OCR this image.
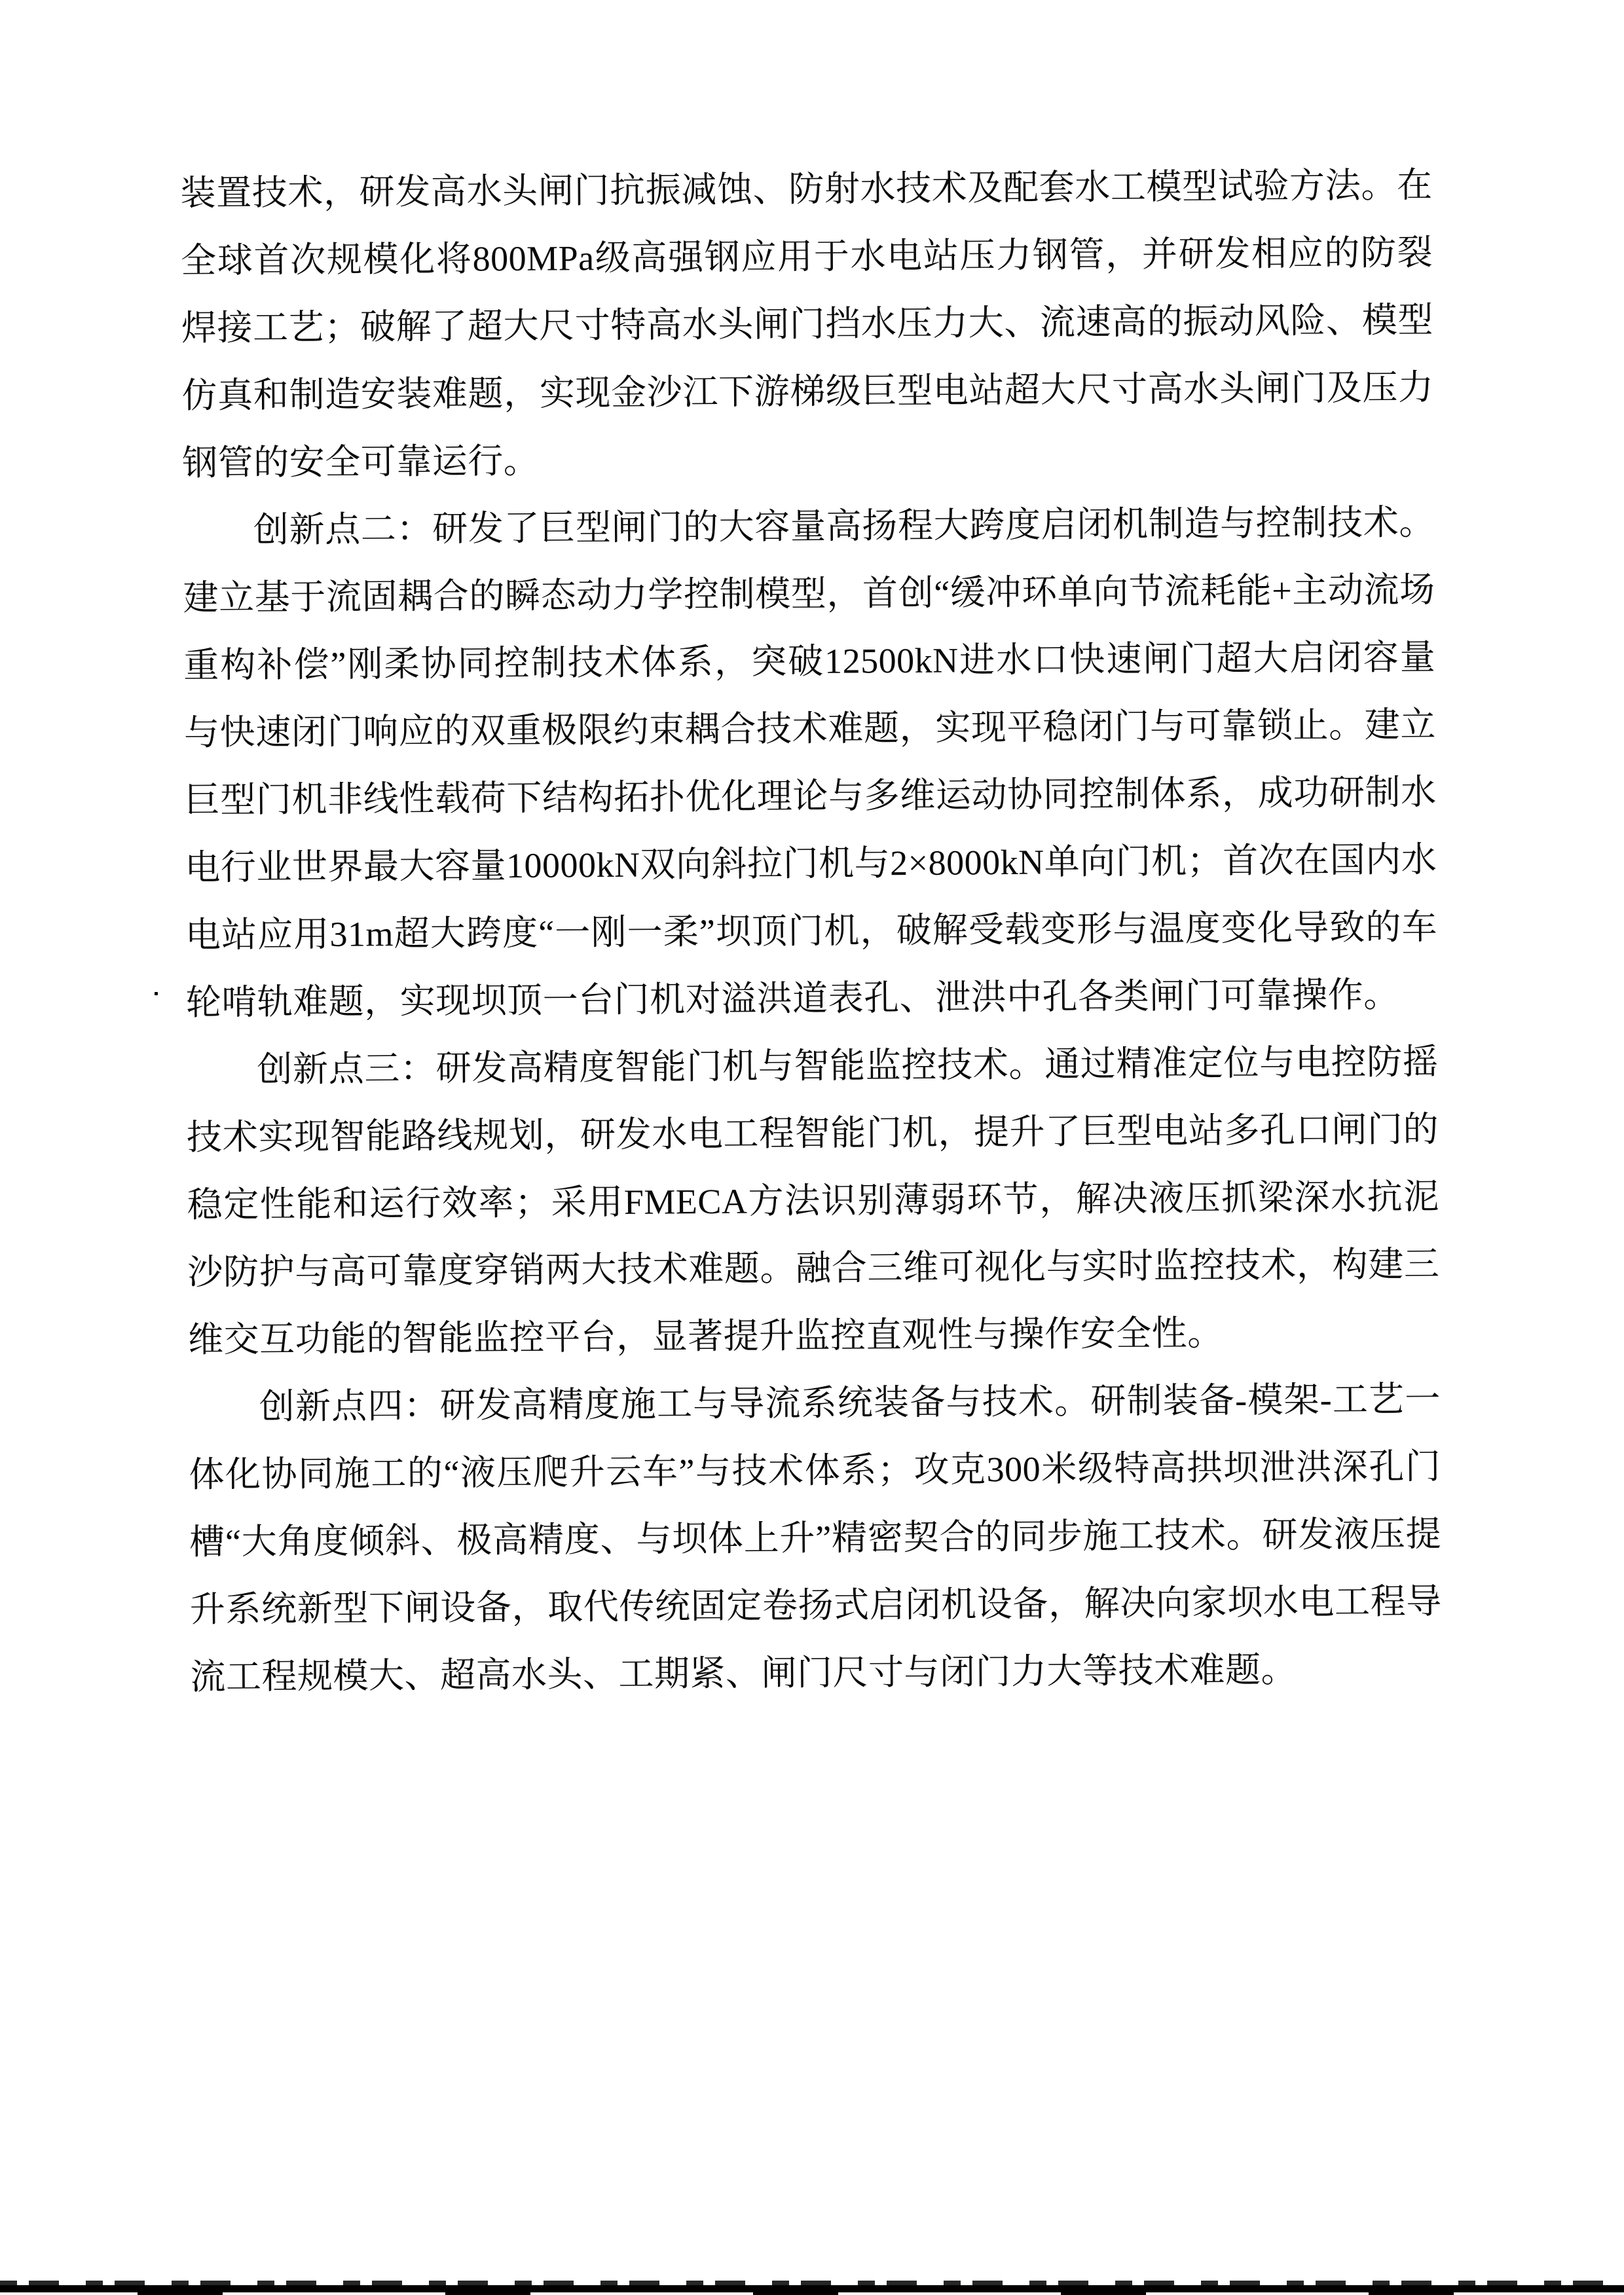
装置技术，研发高水头闸门抗振减蚀、防射水技术及配套水工模型试验方法。在全球首次规模化将800MPa级高强钢应用于水电站压力钢管，并研发相应的防裂焊接工艺；破解了超大尺寸特高水头闸门挡水压力大、流速高的振动风险、模型仿真和制造安装难题，实现金沙江下游梯级巨型电站超大尺寸高水头闸门及压力钢管的安全可靠运行。

创新点二：研发了巨型闸门的大容量高扬程大跨度启闭机制造与控制技术。建立基于流固耦合的瞬态动力学控制模型，首创“缓冲环单向节流耗能+主动流场重构补偿”刚柔协同控制技术体系，突破12500kN进水口快速闸门超大启闭容量与快速闭门响应的双重极限约束耦合技术难题，实现平稳闭门与可靠锁止。建立巨型门机非线性载荷下结构拓扑优化理论与多维运动协同控制体系，成功研制水电行业世界最大容量10000kN双向斜拉门机与2×8000kN单向门机；首次在国内水电站应用31m超大跨度“一刚一柔”坝顶门机，破解受载变形与温度变化导致的车轮啃轨难题，实现坝顶一台门机对溢洪道表孔、泄洪中孔各类闸门可靠操作。

创新点三：研发高精度智能门机与智能监控技术。通过精准定位与电控防摇技术实现智能路线规划，研发水电工程智能门机，提升了巨型电站多孔口闸门的稳定性能和运行效率；采用FMECA方法识别薄弱环节，解决液压抓梁深水抗泥沙防护与高可靠度穿销两大技术难题。融合三维可视化与实时监控技术，构建三维交互功能的智能监控平台，显著提升监控直观性与操作安全性。

创新点四：研发高精度施工与导流系统装备与技术。研制装备-模架-工艺一体化协同施工的“液压爬升云车”与技术体系；攻克300米级特高拱坝泄洪深孔门槽“大角度倾斜、极高精度、与坝体上升”精密契合的同步施工技术。研发液压提升系统新型下闸设备，取代传统固定卷扬式启闭机设备，解决向家坝水电工程导流工程规模大、超高水头、工期紧、闸门尺寸与闭门力大等技术难题。
